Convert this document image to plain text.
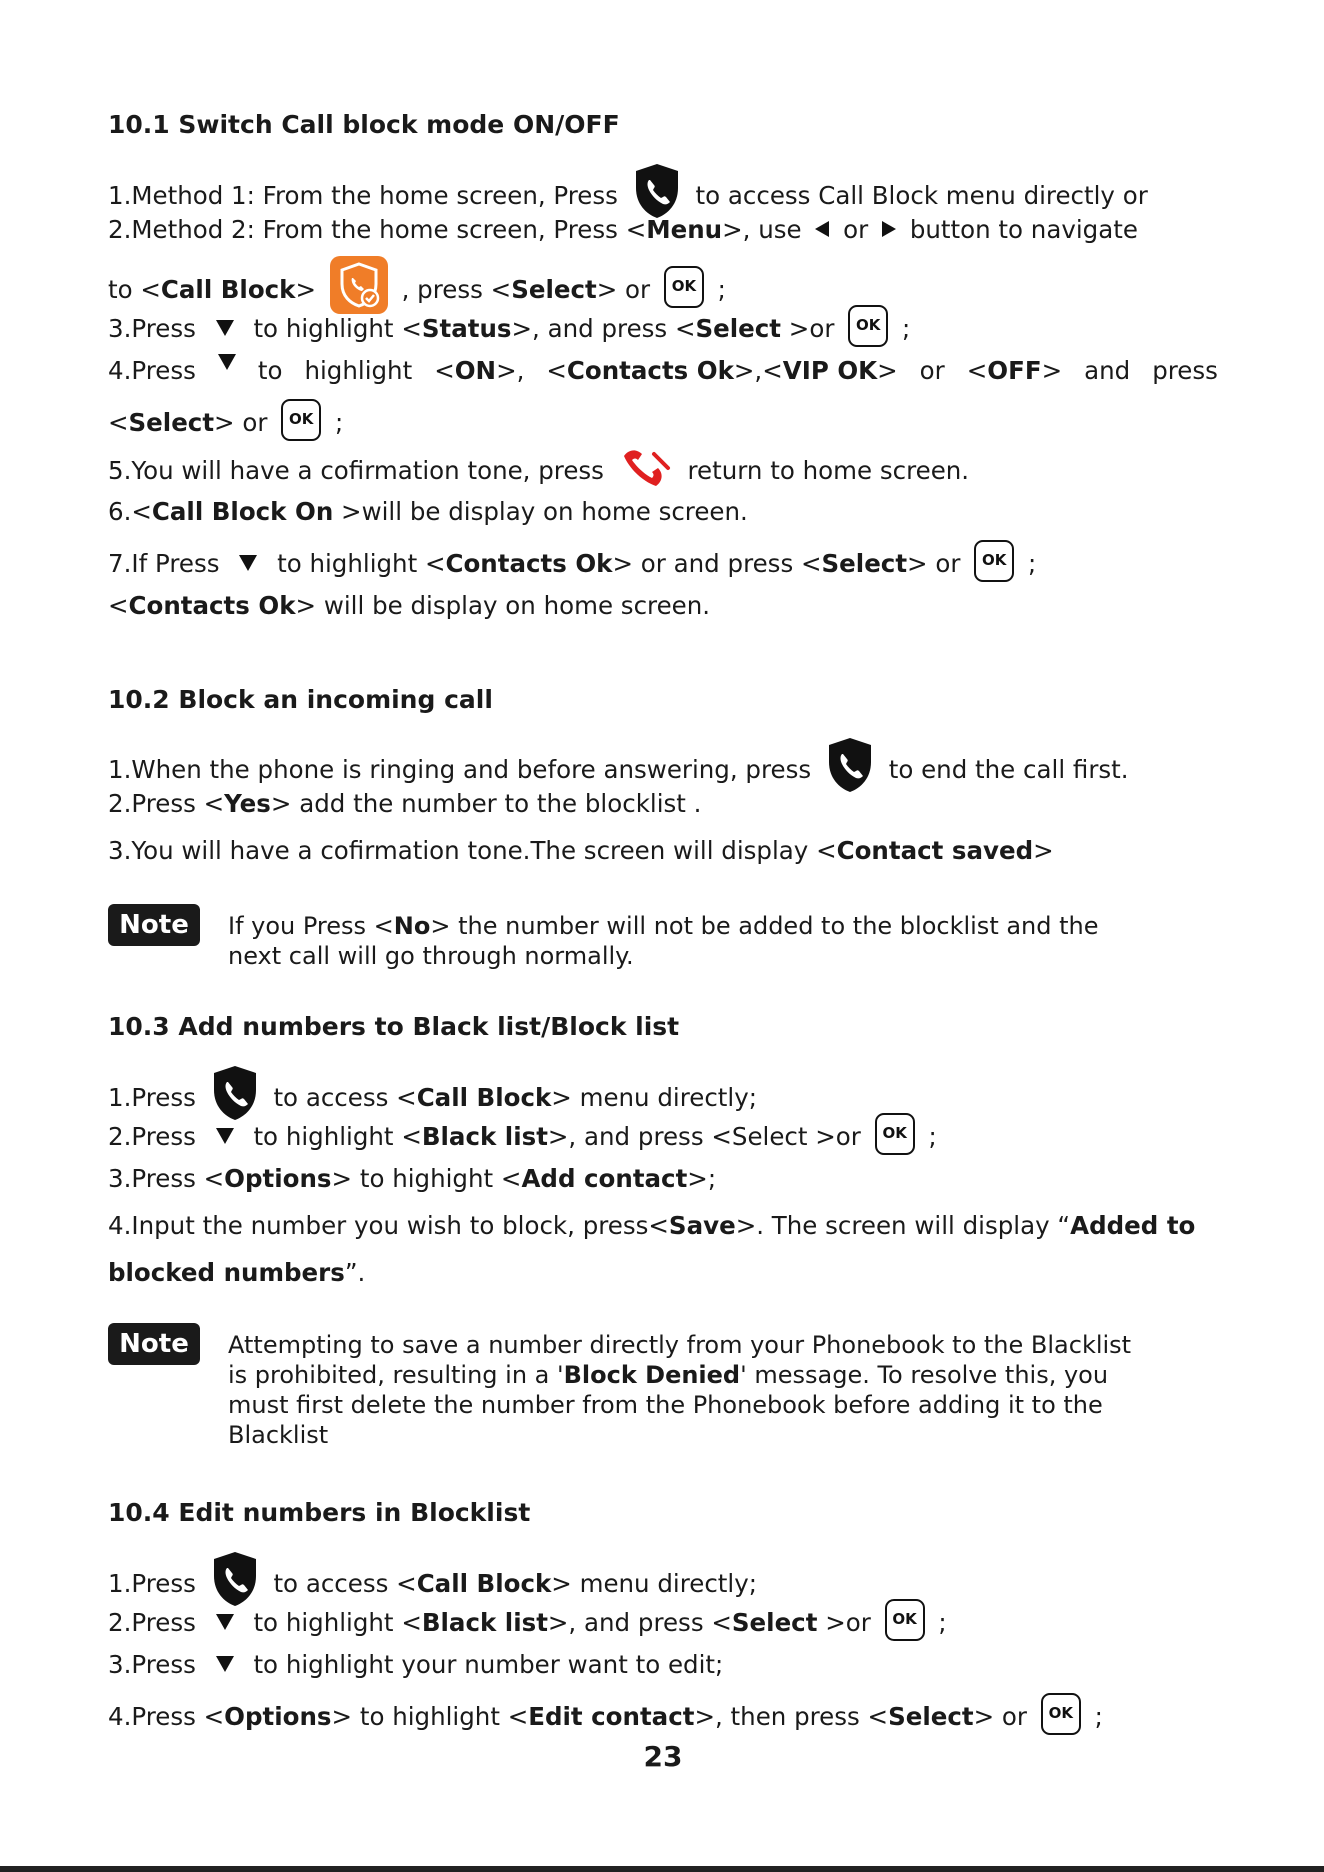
10.1 Switch Call block mode ON/OFF
1.Method 1: From the home screen, Press	to access Call Block menu directly or
2.Method 2: From the home screen, Press <Menu>, use  or  button to navigate
to <Call Block>	, press <Select> or OK ;
3.Press  to highlight <Status>, and press <Select >or OK ;
4.Press	to highlight <ON>, <Contacts Ok>,<VIP OK> or <OFF> and press
<Select> or OK ;
5.You will have a cofirmation tone, press	return to home screen.
6.<Call Block On >will be display on home screen.
7.If Press  to highlight <Contacts Ok> or and press <Select> or OK ;
<Contacts Ok> will be display on home screen.
10.2 Block an incoming call
1.When the phone is ringing and before answering, press	to end the call first.
2.Press <Yes> add the number to the blocklist .
3.You will have a cofirmation tone.The screen will display <Contact saved>
Note	If you Press <No> the number will not be added to the blocklist and the
next call will go through normally.
10.3 Add numbers to Black list/Block list
1.Press	to access <Call Block> menu directly;
2.Press  to highlight <Black list>, and press <Select >or OK ;
3.Press <Options> to highight <Add contact>;
4.Input the number you wish to block, press<Save>. The screen will display “Added to
blocked numbers”.
Note	Attempting to save a number directly from your Phonebook to the Blacklist
is prohibited, resulting in a 'Block Denied' message. To resolve this, you
must first delete the number from the Phonebook before adding it to the
Blacklist
10.4 Edit numbers in Blocklist
1.Press	to access <Call Block> menu directly;
2.Press  to highlight <Black list>, and press <Select >or OK ;
3.Press  to highlight your number want to edit;
4.Press <Options> to highlight <Edit contact>, then press <Select> or OK ;
23
